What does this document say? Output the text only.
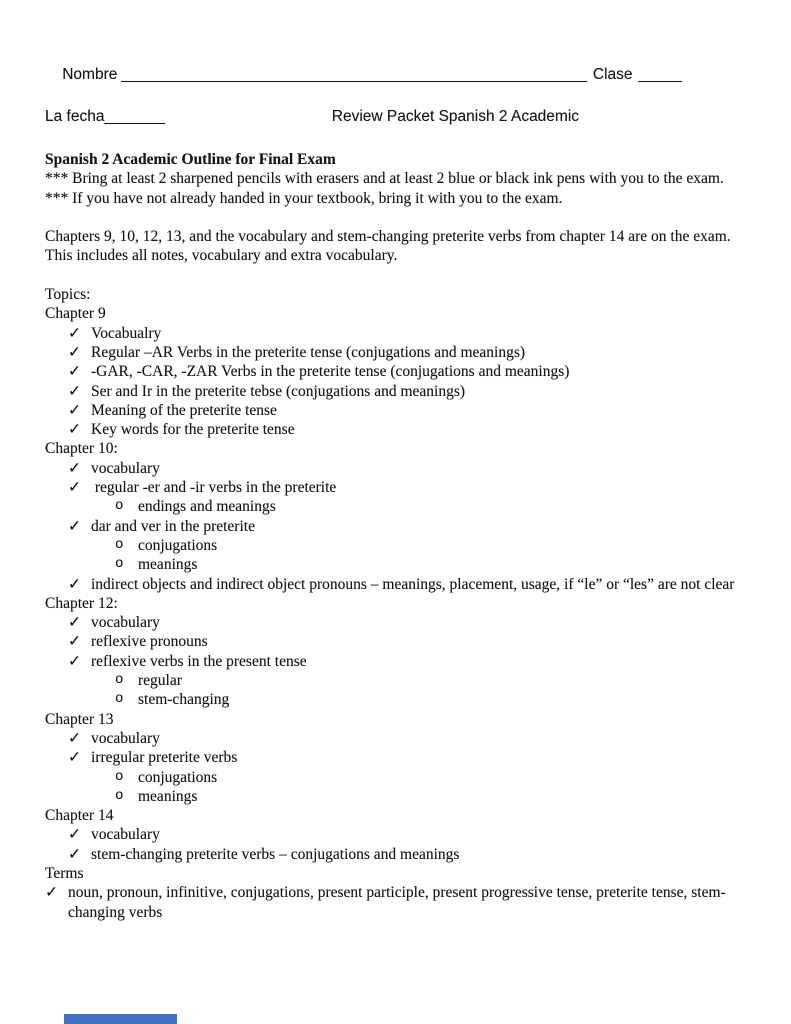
Nombre ______________________________________________________ Clase _____

La fecha _______	Review Packet Spanish 2 Academic
Spanish 2 Academic Outline for Final Exam
*** Bring at least 2 sharpened pencils with erasers and at least 2 blue or black ink pens with you to the exam.
*** If you have not already handed in your textbook, bring it with you to the exam.
Chapters 9, 10, 12, 13, and the vocabulary and stem-changing preterite verbs from chapter 14 are on the exam.  This includes all notes, vocabulary and extra vocabulary.
Topics:
Chapter 9
✓ Vocabualry
✓ Regular –AR Verbs in the preterite tense (conjugations and meanings)
✓ -GAR, -CAR, -ZAR Verbs in the preterite tense (conjugations and meanings)
✓ Ser and Ir in the preterite tebse (conjugations and meanings)
✓ Meaning of the preterite tense
✓ Key words for the preterite tense
Chapter 10:
✓ vocabulary
✓ regular -er and -ir verbs in the preterite
o endings and meanings
✓ dar and ver in the preterite
o conjugations
o meanings
✓ indirect objects and indirect object pronouns – meanings, placement, usage, if “le” or “les” are not clear
Chapter 12:
✓ vocabulary
✓ reflexive pronouns
✓ reflexive verbs in the present tense
o regular
o stem-changing
Chapter 13
✓ vocabulary
✓ irregular preterite verbs
o conjugations
o meanings
Chapter 14
✓ vocabulary
✓ stem-changing preterite verbs – conjugations and meanings
Terms
✓ noun, pronoun, infinitive, conjugations, present participle, present progressive tense, preterite tense, stem-changing verbs
